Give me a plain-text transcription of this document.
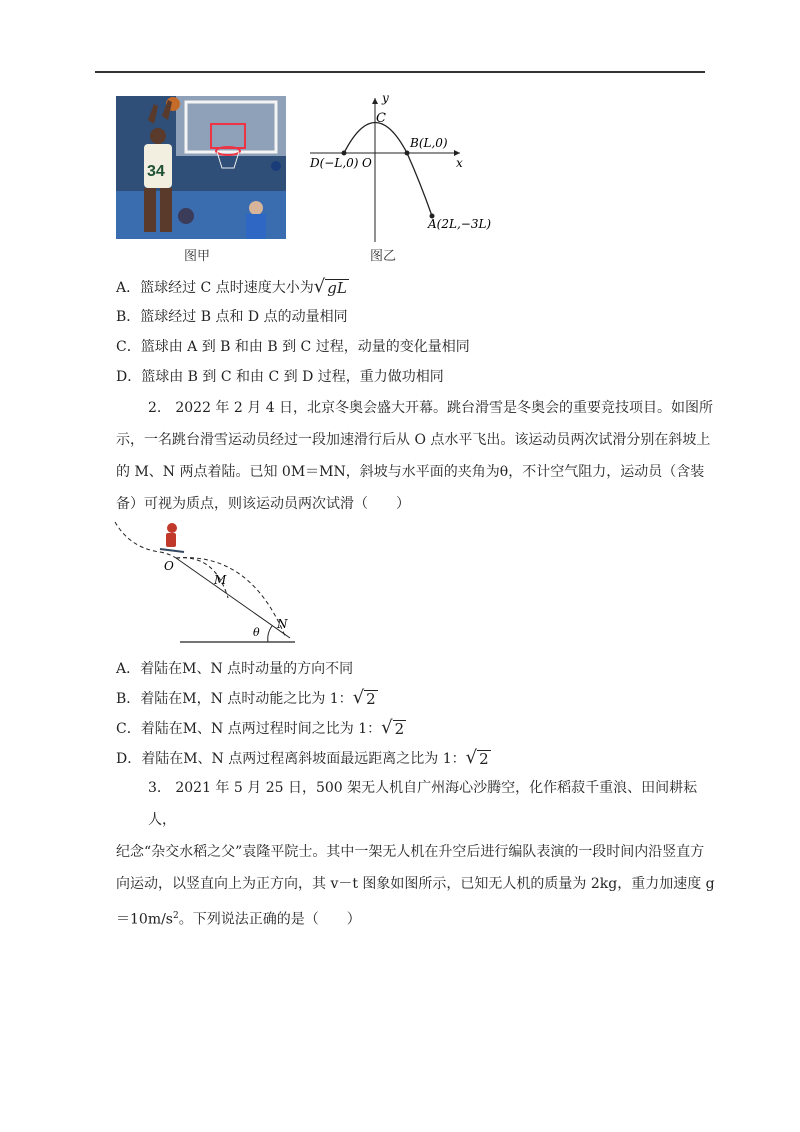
34
图甲
y
x
O
C
B(L,0)
D(−L,0)
A(2L,−3L)
图乙
A．篮球经过 C 点时速度大小为 √ gL
B．篮球经过 B 点和 D 点的动量相同
C．篮球由 A 到 B 和由 B 到 C 过程，动量的变化量相同
D．篮球由 B 到 C 和由 C 到 D 过程，重力做功相同
2.　2022 年 2 月 4 日，北京冬奥会盛大开幕。跳台滑雪是冬奥会的重要竞技项目。如图所
示，一名跳台滑雪运动员经过一段加速滑行后从 O 点水平飞出。该运动员两次试滑分别在斜坡上的 M、N 两点着陆。已知 0M＝MN，斜坡与水平面的夹角为θ，不计空气阻力，运动员（含装备）可视为质点，则该运动员两次试滑（　　）
O
M
N
θ
A．着陆在M、N 点时动量的方向不同
B．着陆在M，N 点时动能之比为 1： √ 2
C．着陆在M、N 点两过程时间之比为 1： √ 2
D．着陆在M、N 点两过程离斜坡面最远距离之比为 1： √ 2
3.　2021 年 5 月 25 日，500 架无人机自广州海心沙腾空，化作稻菽千重浪、田间耕耘人，
纪念“杂交水稻之父”袁隆平院士。其中一架无人机在升空后进行编队表演的一段时间内沿竖直方向运动，以竖直向上为正方向，其 v－t 图象如图所示，已知无人机的质量为 2kg，重力加速度 $g=10m/s^2$。下列说法正确的是（　　）
